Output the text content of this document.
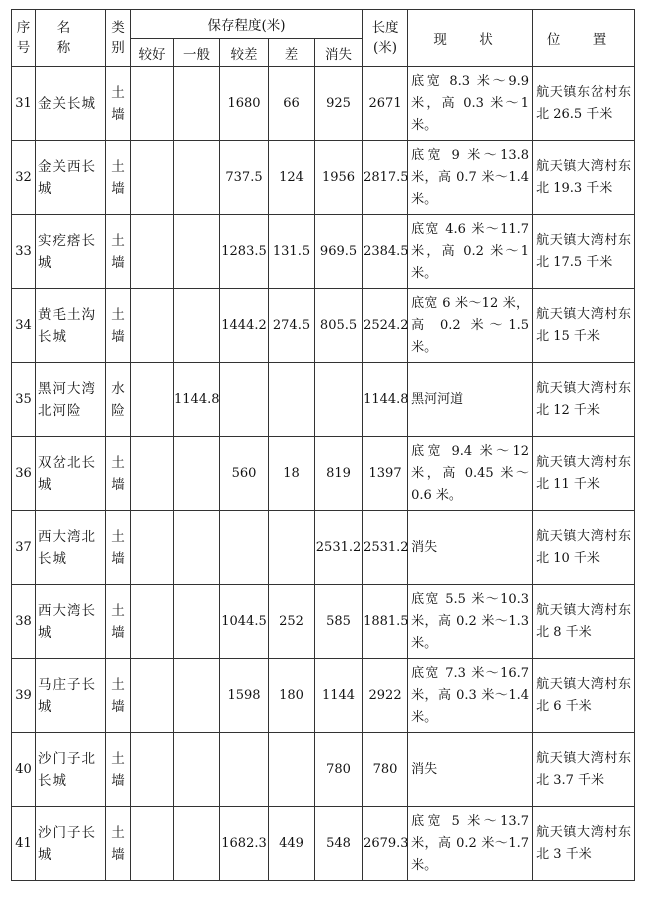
序号	名 称	类别	保存程度(米)					长度(米)	现 状	位 置
			较好	一般	较差	差	消失			
31	金关长城	土墙			1680	66	925	2671	底宽 8.3 米～9.9 米，高 0.3 米～1 米。	航天镇东岔村东北 26.5 千米
32	金关西长城	土墙			737.5	124	1956	2817.5	底宽 9 米～13.8 米，高 0.7 米～1.4 米。	航天镇大湾村东北 19.3 千米
33	实疙瘩长城	土墙			1283.5	131.5	969.5	2384.5	底宽 4.6 米～11.7 米，高 0.2 米～1 米。	航天镇大湾村东北 17.5 千米
34	黄毛土沟长城	土墙			1444.2	274.5	805.5	2524.2	底宽 6 米～12 米，高 0.2 米～1.5 米。	航天镇大湾村东北 15 千米
35	黑河大湾北河险	水险		1144.8				1144.8	黑河河道	航天镇大湾村东北 12 千米
36	双岔北长城	土墙			560	18	819	1397	底宽 9.4 米～12 米，高 0.45 米～0.6 米。	航天镇大湾村东北 11 千米
37	西大湾北长城	土墙					2531.2	2531.2	消失	航天镇大湾村东北 10 千米
38	西大湾长城	土墙			1044.5	252	585	1881.5	底宽 5.5 米～10.3 米，高 0.2 米～1.3 米。	航天镇大湾村东北 8 千米
39	马庄子长城	土墙			1598	180	1144	2922	底宽 7.3 米～16.7 米，高 0.3 米～1.4 米。	航天镇大湾村东北 6 千米
40	沙门子北长城	土墙					780	780	消失	航天镇大湾村东北 3.7 千米
41	沙门子长城	土墙			1682.3	449	548	2679.3	底宽 5 米～13.7 米，高 0.2 米～1.7 米。	航天镇大湾村东北 3 千米
